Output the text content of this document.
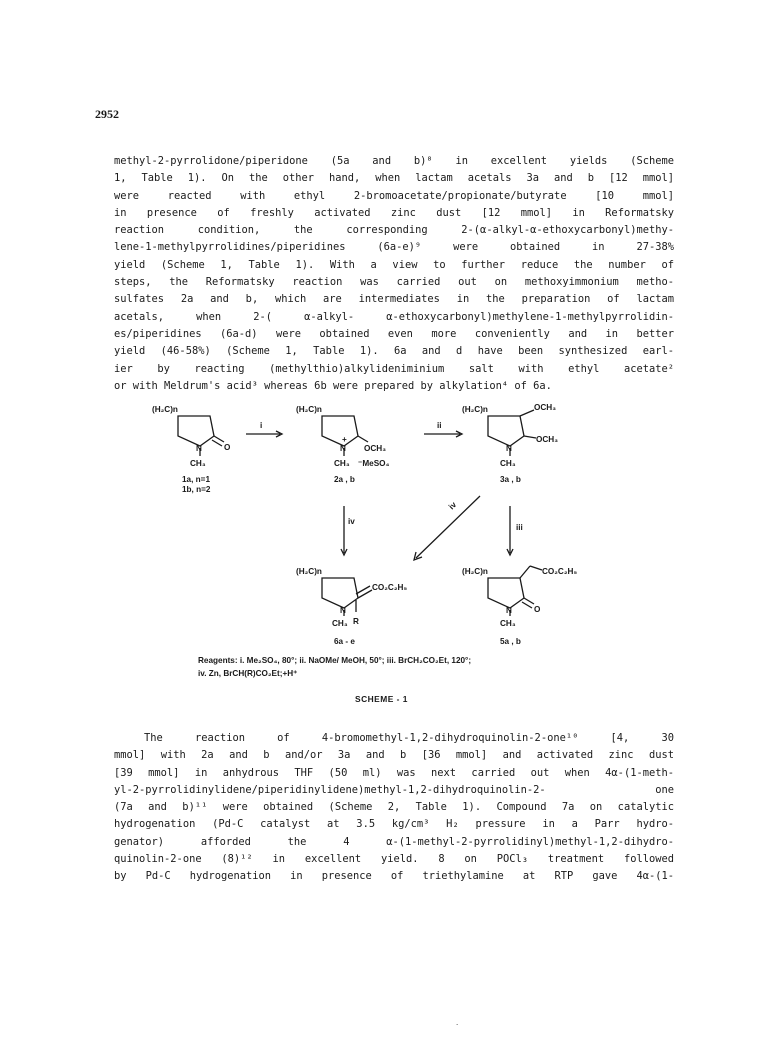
2952

methyl-2-pyrrolidone/piperidone (5a and b)⁸ in excellent yields (Scheme
1, Table 1). On the other hand, when lactam acetals 3a and b [12 mmol]
were reacted with ethyl 2-bromoacetate/propionate/butyrate [10 mmol]
in presence of freshly activated zinc dust [12 mmol] in Reformatsky
reaction condition, the corresponding 2-(α-alkyl-α-ethoxycarbonyl)methy-
lene-1-methylpyrrolidines/piperidines (6a-e)⁹ were obtained in 27-38%
yield (Scheme 1, Table 1). With a view to further reduce the number of
steps, the Reformatsky reaction was carried out on methoxyimmonium metho-
sulfates 2a and b, which are intermediates in the preparation of lactam
acetals, when 2-( α-alkyl- α-ethoxycarbonyl)methylene-1-methylpyrrolidin-
es/piperidines (6a-d) were obtained even more conveniently and in better
yield (46-58%) (Scheme 1, Table 1). 6a and d have been synthesized earl-
ier by reacting (methylthio)alkylideniminium salt with ethyl acetate²
or with Meldrum's acid³ whereas 6b were prepared by alkylation⁴ of 6a.

(H₂C)n
N	O
CH₃
1a, n=1
1b, n=2
i
(H₂C)n
N
+
OCH₃
CH₃ ⁻MeSO₄
2a , b
ii
(H₂C)n	OCH₃
OCH₃
N
CH₃
3a , b
iv
iv
iii
(H₂C)n
CO₂C₂H₅
N
CH₃ R
6a - e
(H₂C)n	CO₂C₂H₅
N	O
CH₃
5a , b
Reagents: i. Me₂SO₄, 80°; ii. NaOMe/ MeOH, 50°; iii. BrCH₂CO₂Et, 120°;
iv. Zn, BrCH(R)CO₂Et;+H⁺
SCHEME - 1

The reaction of 4-bromomethyl-1,2-dihydroquinolin-2-one¹⁰ [4, 30
mmol] with 2a and b and/or 3a and b [36 mmol] and activated zinc dust
[39 mmol] in anhydrous THF (50 ml) was next carried out when 4α-(1-meth-
yl-2-pyrrolidinylidene/piperidinylidene)methyl-1,2-dihydroquinolin-2- one
(7a and b)¹¹ were obtained (Scheme 2, Table 1). Compound 7a on catalytic
hydrogenation (Pd-C catalyst at 3.5 kg/cm³ H₂ pressure in a Parr hydro-
genator) afforded the 4 α-(1-methyl-2-pyrrolidinyl)methyl-1,2-dihydro-
quinolin-2-one (8)¹² in excellent yield. 8 on POCl₃ treatment followed
by Pd-C hydrogenation in presence of triethylamine at RTP gave 4α-(1-

.
